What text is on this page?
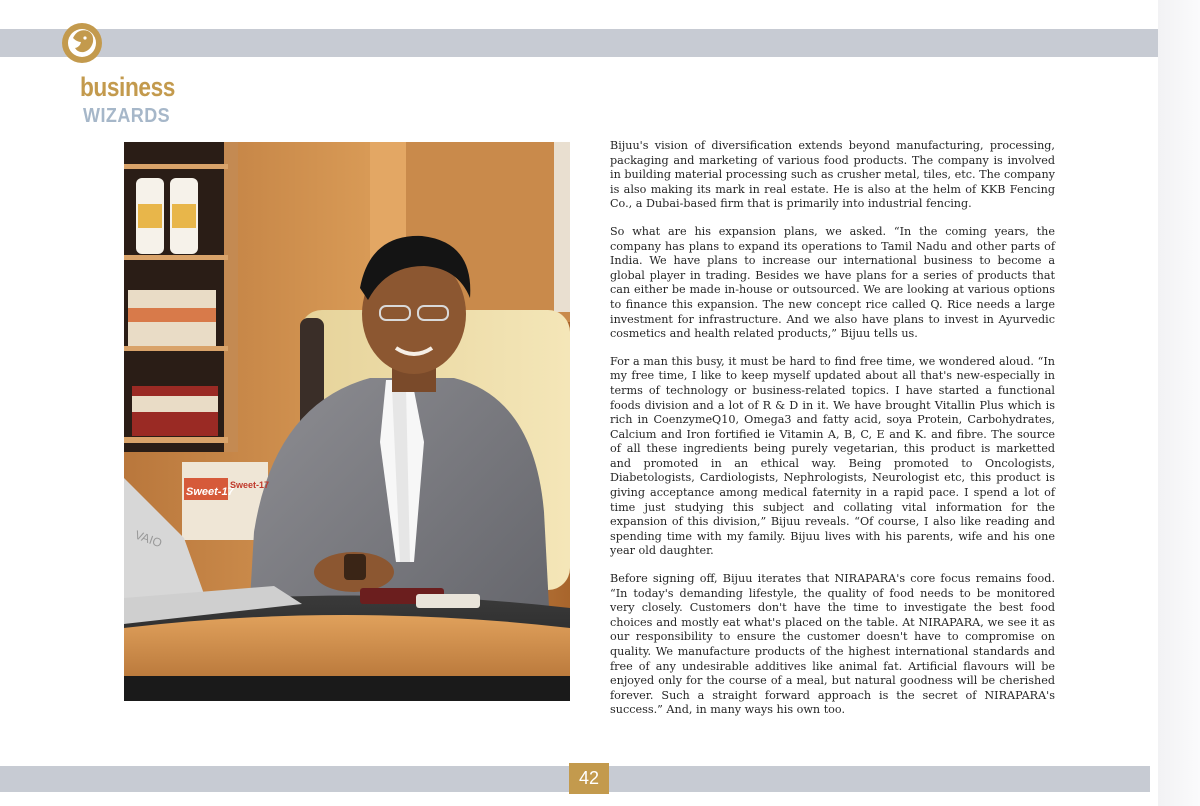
business
WIZARDS
VAIO
Sweet-17
Sweet-17

Bijuu's vision of diversification extends beyond manufacturing, processing, packaging and marketing of various food products. The company is involved in building material processing such as crusher metal, tiles, etc. The company is also making its mark in real estate. He is also at the helm of KKB Fencing Co., a Dubai-based firm that is primarily into industrial fencing.

So what are his expansion plans, we asked. “In the coming years, the company has plans to expand its operations to Tamil Nadu and other parts of India. We have plans to increase our international business to become a global player in trading. Besides we have plans for a series of products that can either be made in-house or outsourced. We are looking at various options to finance this expansion. The new concept rice called Q. Rice needs a large investment for infrastructure. And we also have plans to invest in Ayurvedic cosmetics and health related products,” Bijuu tells us.

For a man this busy, it must be hard to find free time, we wondered aloud. “In my free time, I like to keep myself updated about all that's new-especially in terms of technology or business-related topics. I have started a functional foods division and a lot of R & D in it. We have brought Vitallin Plus which is rich in CoenzymeQ10, Omega3 and fatty acid, soya Protein, Carbohydrates, Calcium and Iron fortified ie Vitamin A, B, C, E and K. and fibre. The source of all these ingredients being purely vegetarian, this product is marketted and promoted in an ethical way. Being promoted to Oncologists, Diabetologists, Cardiologists, Nephrologists, Neurologist etc, this product is giving acceptance among medical faternity in a rapid pace. I spend a lot of time just studying this subject and collating vital information for the expansion of this division,” Bijuu reveals. “Of course, I also like reading and spending time with my family. Bijuu lives with his parents, wife and his one year old daughter.

Before signing off, Bijuu iterates that NIRAPARA's core focus remains food. “In today's demanding lifestyle, the quality of food needs to be monitored very closely. Customers don't have the time to investigate the best food choices and mostly eat what's placed on the table. At NIRAPARA, we see it as our responsibility to ensure the customer doesn't have to compromise on quality. We manufacture products of the highest international standards and free of any undesirable additives like animal fat. Artificial flavours will be enjoyed only for the course of a meal, but natural goodness will be cherished forever. Such a straight forward approach is the secret of NIRAPARA's success.” And, in many ways his own too.

42
